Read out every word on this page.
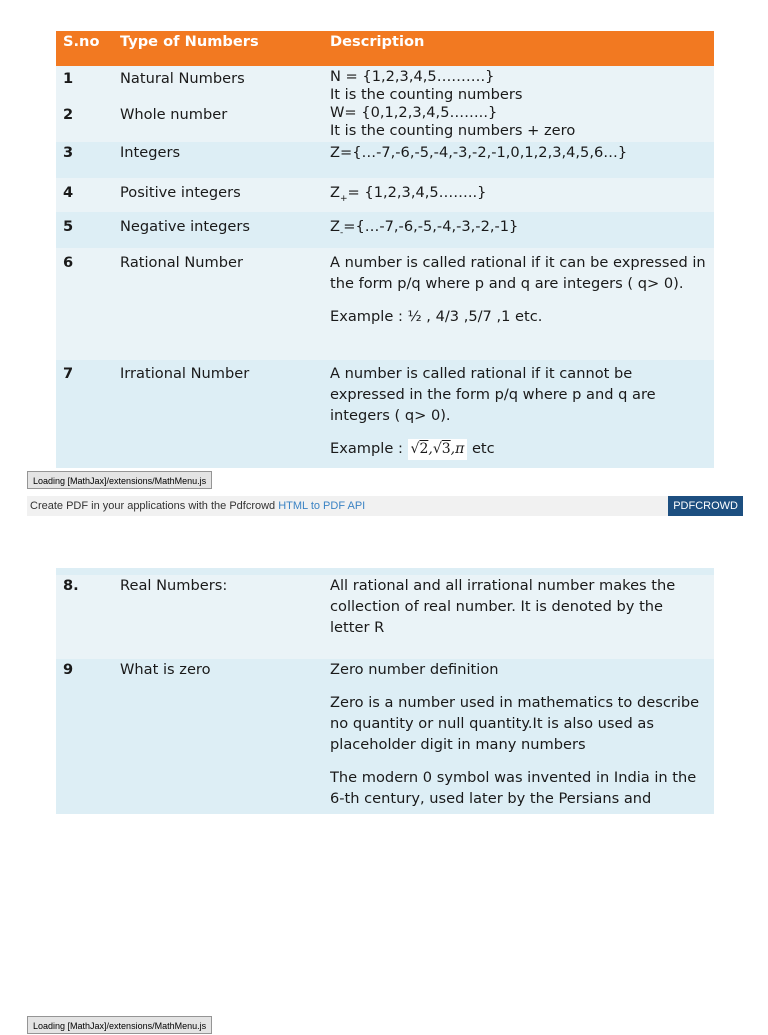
S.no	Type of Numbers	Description
1	Natural Numbers	N = {1,2,3,4,5……….}
It is the counting numbers
2	Whole number	W= {0,1,2,3,4,5……..}
It is the counting numbers + zero
3	Integers	Z={…-7,-6,-5,-4,-3,-2,-1,0,1,2,3,4,5,6…}
4	Positive integers	$Z_+=$ {1,2,3,4,5……..}
5	Negative integers	$Z_-=\{\dots-7,-6,-5,-4,-3,-2,-1\}$
6	Rational Number	A number is called rational if it can be expressed in the form p/q where p and q are integers ( q> 0).

Example : ½ , 4/3 ,5/7 ,1 etc.

7	Irrational Number	A number is called rational if it cannot be expressed in the form p/q where p and q are integers ( q> 0).

Example : √2,√3,π etc

Loading [MathJax]/extensions/MathMenu.js
Create PDF in your applications with the Pdfcrowd HTML to PDF API	PDFCROWD
8.	Real Numbers:	All rational and all irrational number makes the collection of real number. It is denoted by the letter R

9	What is zero	Zero number definition

Zero is a number used in mathematics to describe no quantity or null quantity.It is also used as placeholder digit in many numbers

The modern 0 symbol was invented in India in the 6-th century, used later by the Persians and

Loading [MathJax]/extensions/MathMenu.js
